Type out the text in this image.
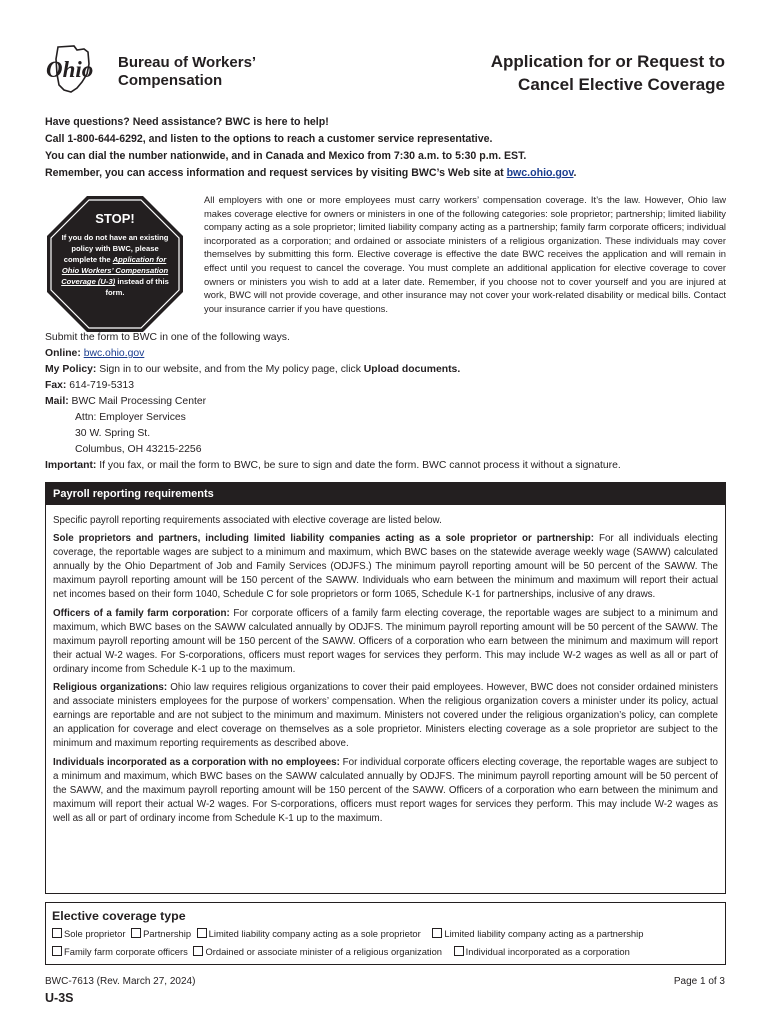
Ohio Bureau of Workers’
Compensation
Application for or Request to
Cancel Elective Coverage
Have questions? Need assistance? BWC is here to help!
Call 1-800-644-6292, and listen to the options to reach a customer service representative.
You can dial the number nationwide, and in Canada and Mexico from 7:30 a.m. to 5:30 p.m. EST.
Remember, you can access information and request services by visiting BWC’s Web site at bwc.ohio.gov.
STOP!
If you do not have an existing policy with BWC, please complete the Application for Ohio Workers’ Compensation Coverage (U-3) instead of this form.
All employers with one or more employees must carry workers’ compensation coverage. It’s the law. However, Ohio law makes coverage elective for owners or ministers in one of the following categories: sole proprietor; partnership; limited liability company acting as a sole proprietor; limited liability company acting as a partnership; family farm corporate officers; individual incorporated as a corporation; and ordained or associate ministers of a religious organization. These individuals may cover themselves by submitting this form. Elective coverage is effective the date BWC receives the application and will remain in effect until you request to cancel the coverage. You must complete an additional application for elective coverage to cover owners or ministers you wish to add at a later date. Remember, if you choose not to cover yourself and you are injured at work, BWC will not provide coverage, and other insurance may not cover your work-related disability or medical bills. Contact your insurance carrier if you have questions.
Submit the form to BWC in one of the following ways.
Online: bwc.ohio.gov
My Policy: Sign in to our website, and from the My policy page, click Upload documents.
Fax: 614-719-5313
Mail: BWC Mail Processing Center
Attn: Employer Services
30 W. Spring St.
Columbus, OH 43215-2256
Important: If you fax, or mail the form to BWC, be sure to sign and date the form. BWC cannot process it without a signature.
Payroll reporting requirements

Specific payroll reporting requirements associated with elective coverage are listed below.

Sole proprietors and partners, including limited liability companies acting as a sole proprietor or partnership: For all individuals electing coverage, the reportable wages are subject to a minimum and maximum, which BWC bases on the statewide average weekly wage (SAWW) calculated annually by the Ohio Department of Job and Family Services (ODJFS.) The minimum payroll reporting amount will be 50 percent of the SAWW. The maximum payroll reporting amount will be 150 percent of the SAWW. Individuals who earn between the minimum and maximum will report their actual net incomes based on their form 1040, Schedule C for sole proprietors or form 1065, Schedule K-1 for partnerships, inclusive of any draws.

Officers of a family farm corporation: For corporate officers of a family farm electing coverage, the reportable wages are subject to a minimum and maximum, which BWC bases on the SAWW calculated annually by ODJFS. The minimum payroll reporting amount will be 50 percent of the SAWW. The maximum payroll reporting amount will be 150 percent of the SAWW. Officers of a corporation who earn between the minimum and maximum will report their actual W-2 wages. For S-corporations, officers must report wages for services they perform. This may include W-2 wages as well as all or part of ordinary income from Schedule K-1 up to the maximum.

Religious organizations: Ohio law requires religious organizations to cover their paid employees. However, BWC does not consider ordained ministers and associate ministers employees for the purpose of workers’ compensation. When the religious organization covers a minister under its policy, actual earnings are reportable and are not subject to the minimum and maximum. Ministers not covered under the religious organization’s policy, can complete an application for coverage and elect coverage on themselves as a sole proprietor. Ministers electing coverage as a sole proprietor are subject to the minimum and maximum reporting requirements as described above.

Individuals incorporated as a corporation with no employees: For individual corporate officers electing coverage, the reportable wages are subject to a minimum and maximum, which BWC bases on the SAWW calculated annually by ODJFS. The minimum payroll reporting amount will be 50 percent of the SAWW, and the maximum payroll reporting amount will be 150 percent of the SAWW. Officers of a corporation who earn between the minimum and maximum will report their actual W-2 wages. For S-corporations, officers must report wages for services they perform. This may include W-2 wages as well as all or part of ordinary income from Schedule K-1 up to the maximum.

Elective coverage type
Sole proprietor Partnership Limited liability company acting as a sole proprietor	Limited liability company acting as a partnership
Family farm corporate officers Ordained or associate minister of a religious organization	Individual incorporated as a corporation
BWC-7613 (Rev. March 27, 2024)
U-3S
Page 1 of 3
